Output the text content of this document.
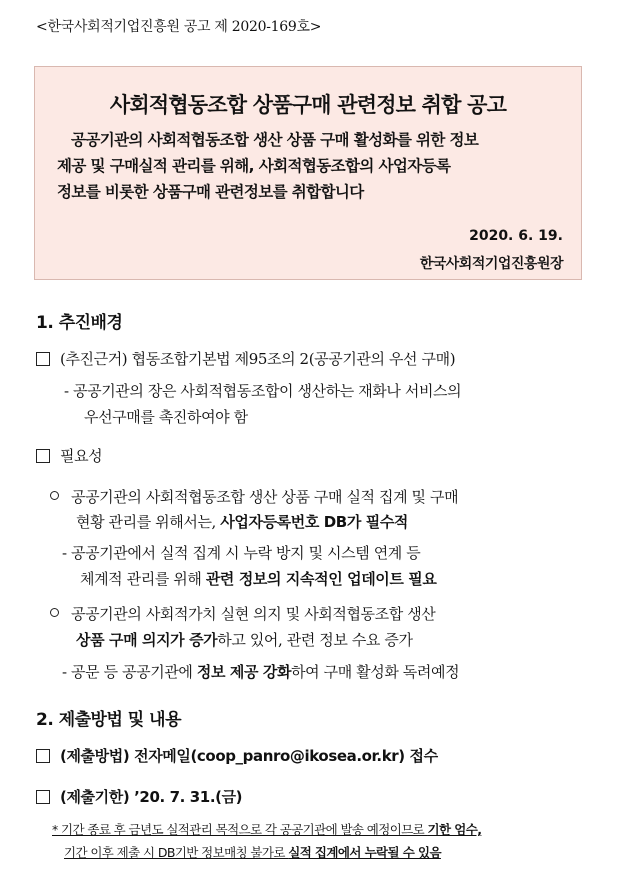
<한국사회적기업진흥원 공고 제 2020-169호>
사회적협동조합 상품구매 관련정보 취합 공고

공공기관의 사회적협동조합 생산 상품 구매 활성화를 위한 정보

제공 및 구매실적 관리를 위해, 사회적협동조합의 사업자등록

정보를 비롯한 상품구매 관련정보를 취합합니다

2020. 6. 19.
한국사회적기업진흥원장
1. 추진배경
(추진근거) 협동조합기본법 제95조의 2(공공기관의 우선 구매)
- 공공기관의 장은 사회적협동조합이 생산하는 재화나 서비스의
우선구매를 촉진하여야 함
필요성
공공기관의 사회적협동조합 생산 상품 구매 실적 집계 및 구매
현황 관리를 위해서는, 사업자등록번호 DB가 필수적
- 공공기관에서 실적 집계 시 누락 방지 및 시스템 연계 등
체계적 관리를 위해 관련 정보의 지속적인 업데이트 필요
공공기관의 사회적가치 실현 의지 및 사회적협동조합 생산
상품 구매 의지가 증가하고 있어, 관련 정보 수요 증가
- 공문 등 공공기관에 정보 제공 강화하여 구매 활성화 독려예정
2. 제출방법 및 내용
(제출방법) 전자메일(coop_panro@ikosea.or.kr) 접수
(제출기한) ’20. 7. 31.(금)
* 기간 종료 후 금년도 실적관리 목적으로 각 공공기관에 발송 예정이므로 기한 엄수,
기간 이후 제출 시 DB기반 정보매칭 불가로 실적 집계에서 누락될 수 있음
